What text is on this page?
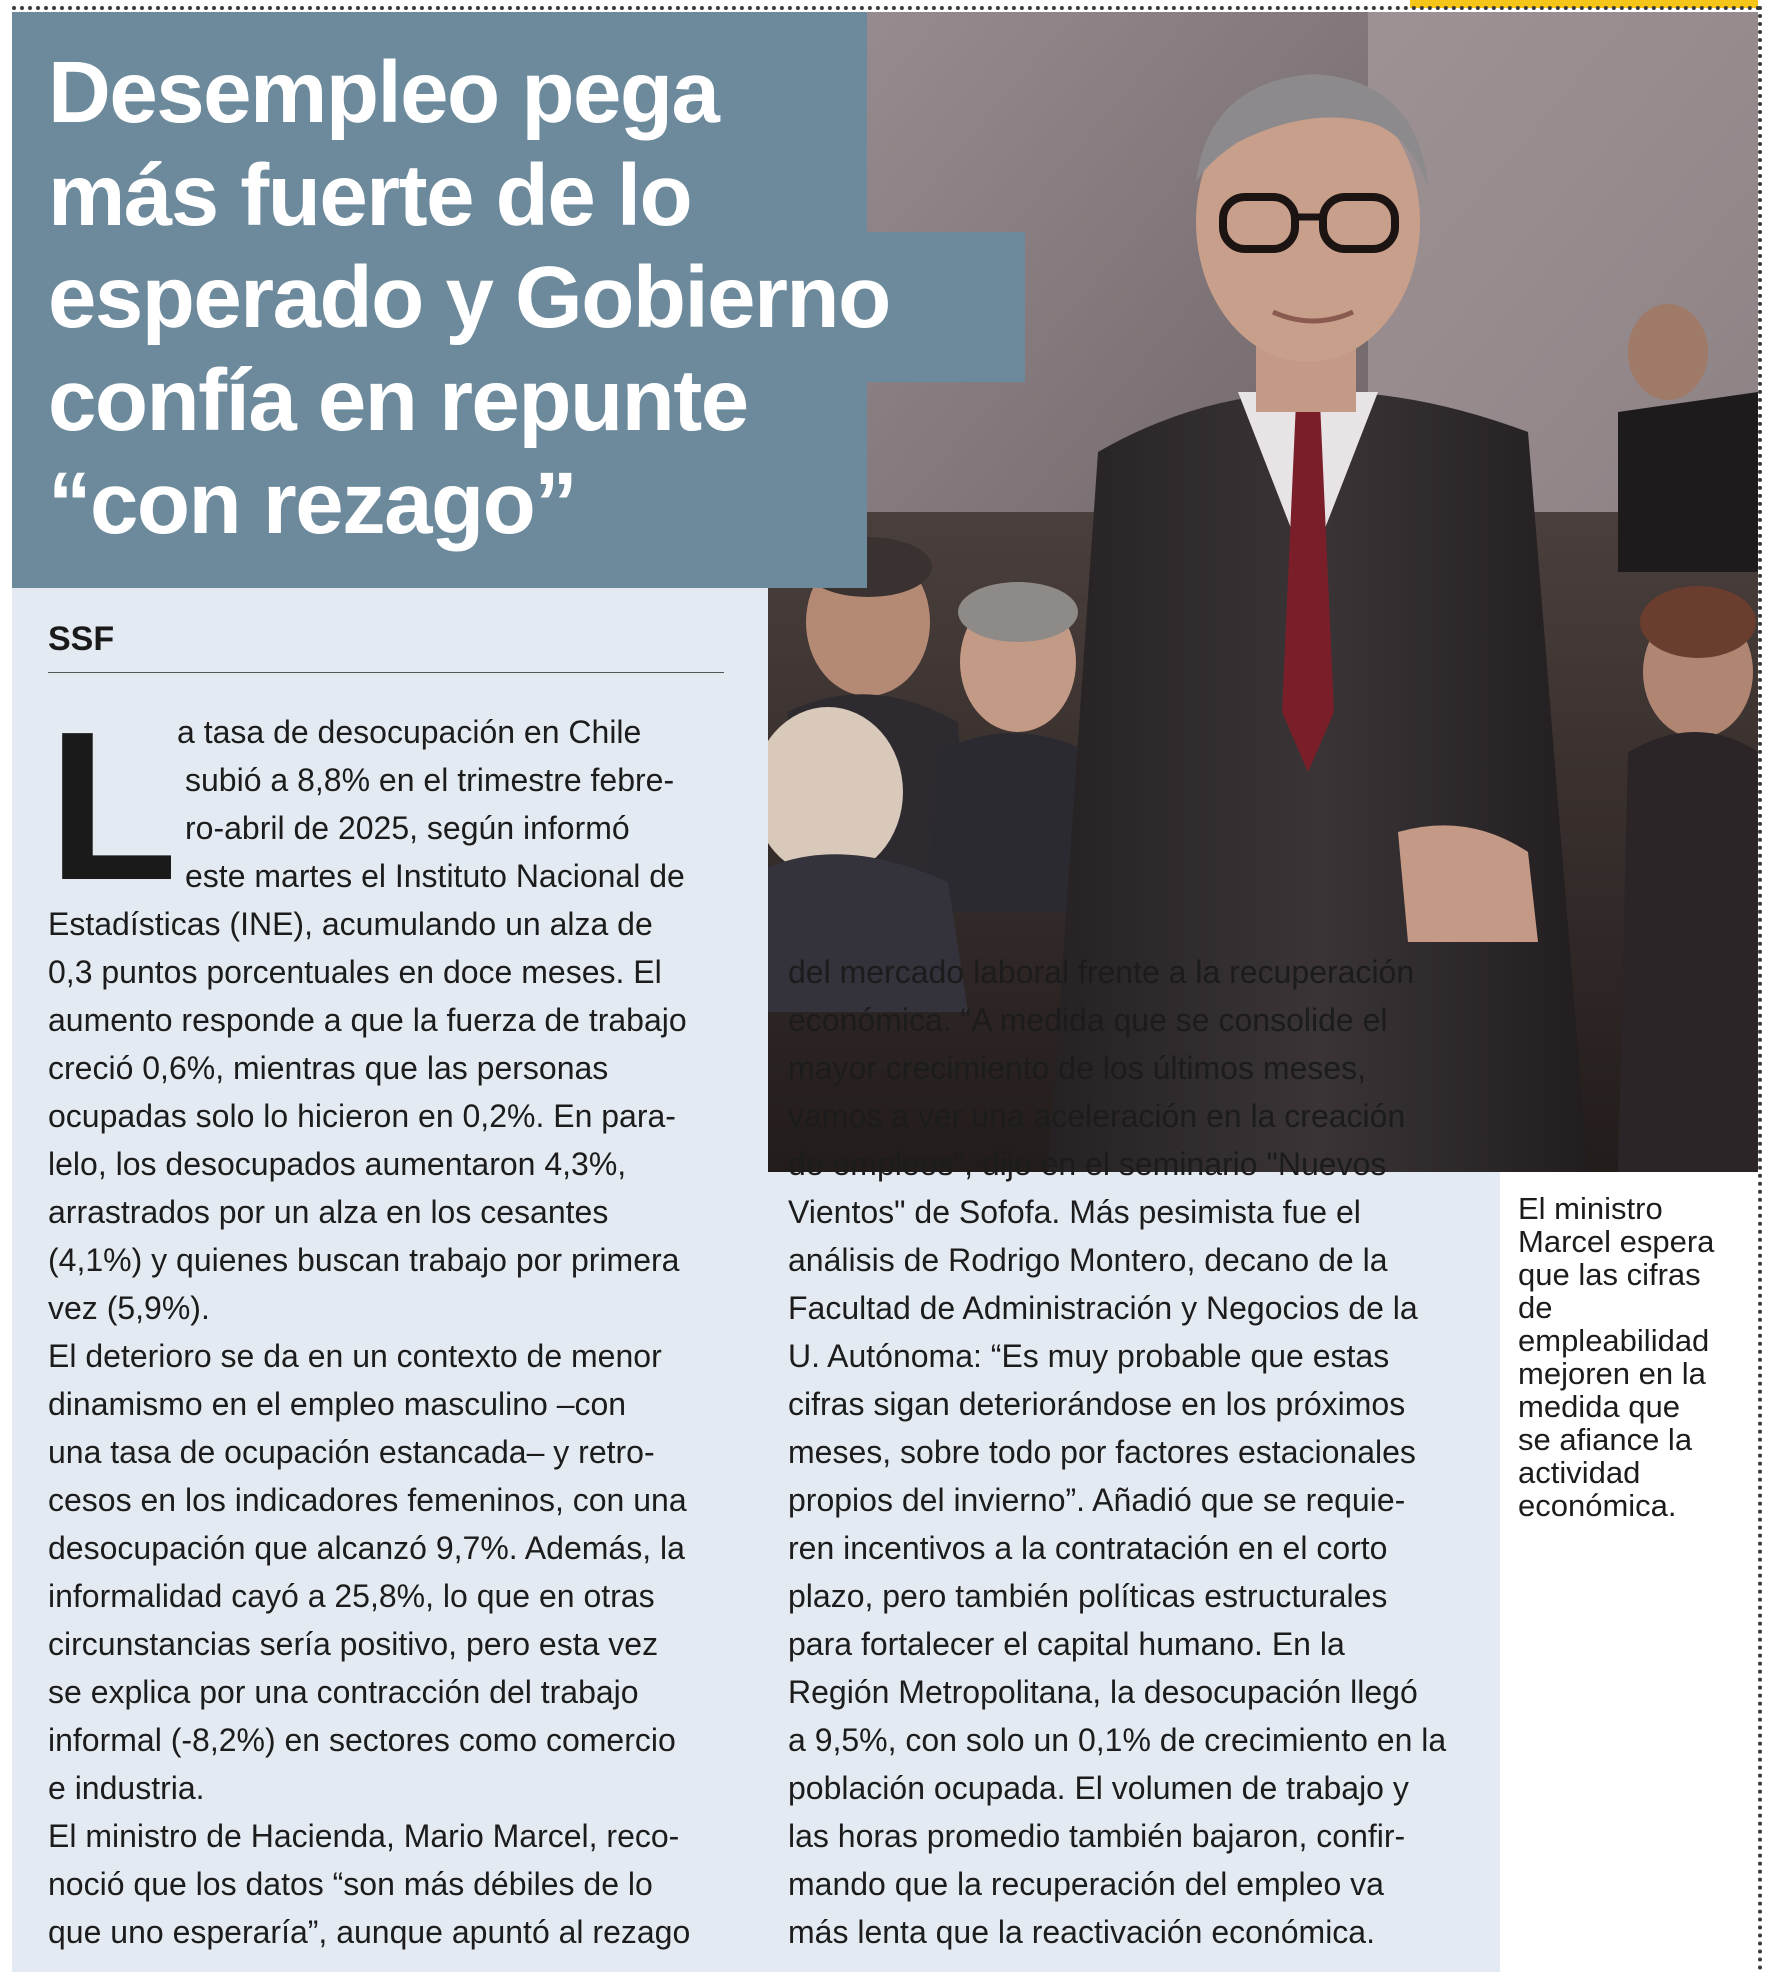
Desempleo pega
más fuerte de lo
esperado y Gobierno
confía en repunte
“con rezago”

SSF

L a tasa de desocupación en Chile
subió a 8,8% en el trimestre febre-
ro-abril de 2025, según informó
este martes el Instituto Nacional de
Estadísticas (INE), acumulando un alza de
0,3 puntos porcentuales en doce meses. El
aumento responde a que la fuerza de trabajo
creció 0,6%, mientras que las personas
ocupadas solo lo hicieron en 0,2%. En para-
lelo, los desocupados aumentaron 4,3%,
arrastrados por un alza en los cesantes
(4,1%) y quienes buscan trabajo por primera
vez (5,9%).
El deterioro se da en un contexto de menor
dinamismo en el empleo masculino –con
una tasa de ocupación estancada– y retro-
cesos en los indicadores femeninos, con una
desocupación que alcanzó 9,7%. Además, la
informalidad cayó a 25,8%, lo que en otras
circunstancias sería positivo, pero esta vez
se explica por una contracción del trabajo
informal (-8,2%) en sectores como comercio
e industria.
El ministro de Hacienda, Mario Marcel, reco-
noció que los datos “son más débiles de lo
que uno esperaría”, aunque apuntó al rezago

del mercado laboral frente a la recuperación
económica. “A medida que se consolide el
mayor crecimiento de los últimos meses,
vamos a ver una aceleración en la creación
de empleos”, dijo en el seminario "Nuevos
Vientos" de Sofofa. Más pesimista fue el
análisis de Rodrigo Montero, decano de la
Facultad de Administración y Negocios de la
U. Autónoma: “Es muy probable que estas
cifras sigan deteriorándose en los próximos
meses, sobre todo por factores estacionales
propios del invierno”. Añadió que se requie-
ren incentivos a la contratación en el corto
plazo, pero también políticas estructurales
para fortalecer el capital humano. En la
Región Metropolitana, la desocupación llegó
a 9,5%, con solo un 0,1% de crecimiento en la
población ocupada. El volumen de trabajo y
las horas promedio también bajaron, confir-
mando que la recuperación del empleo va
más lenta que la reactivación económica.

El ministro
Marcel espera
que las cifras
de
empleabilidad
mejoren en la
medida que
se afiance la
actividad
económica.
